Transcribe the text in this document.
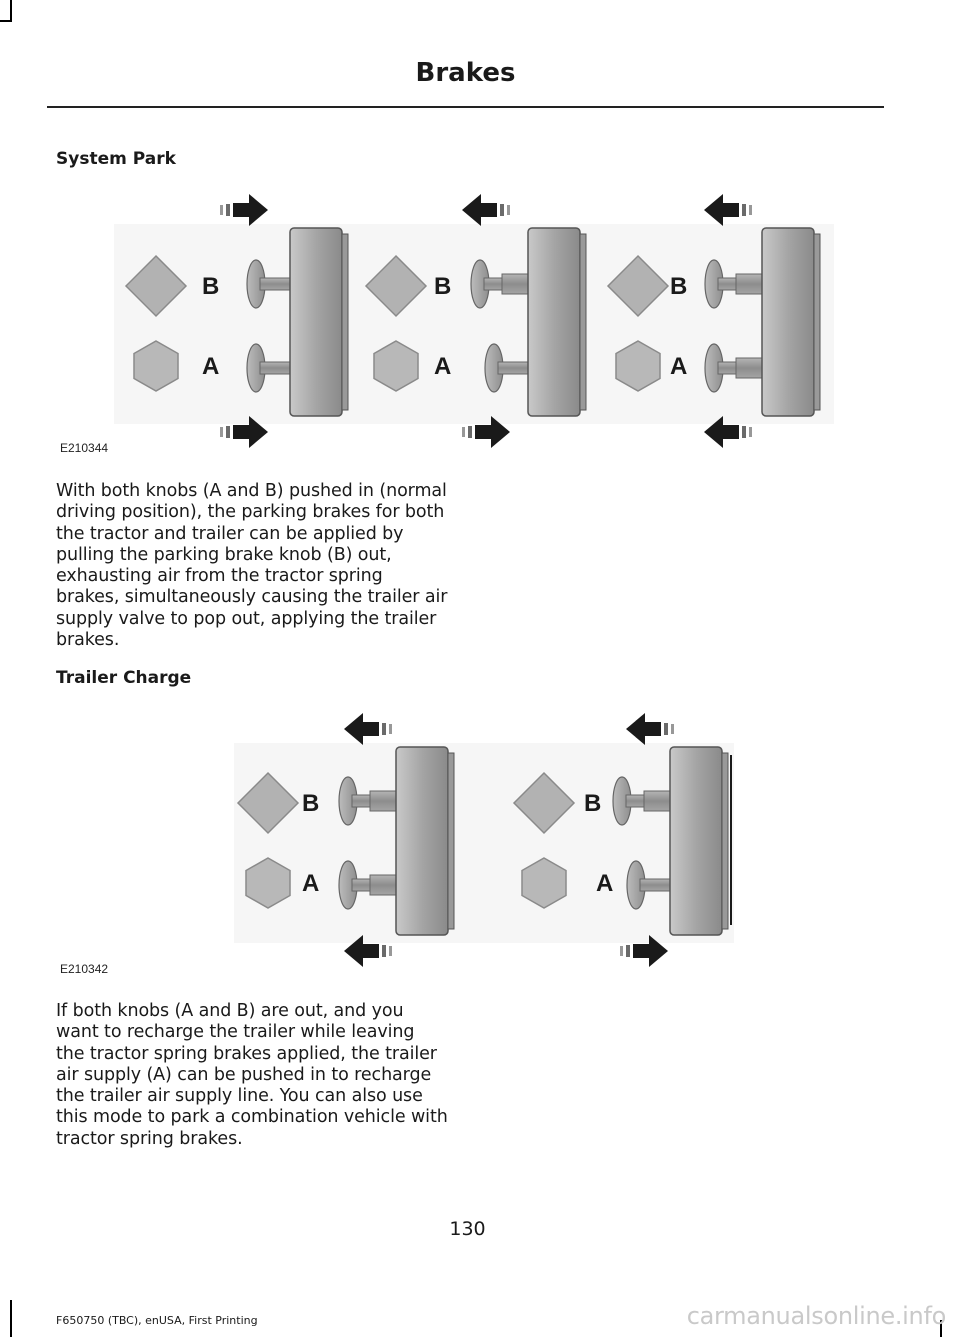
Brakes
System Park
B
A
B
A
B
A
E210344
With both knobs (A and B) pushed in (normal driving position), the parking brakes for both the tractor and trailer can be applied by pulling the parking brake knob (B) out, exhausting air from the tractor spring brakes, simultaneously causing the trailer air supply valve to pop out, applying the trailer brakes.
Trailer Charge
B
A
B
A
E210342
If both knobs (A and B) are out, and you want to recharge the trailer while leaving the tractor spring brakes applied, the trailer air supply (A) can be pushed in to recharge the trailer air supply line. You can also use this mode to park a combination vehicle with tractor spring brakes.
130
F650750 (TBC), enUSA, First Printing	carmanualsonline.info
